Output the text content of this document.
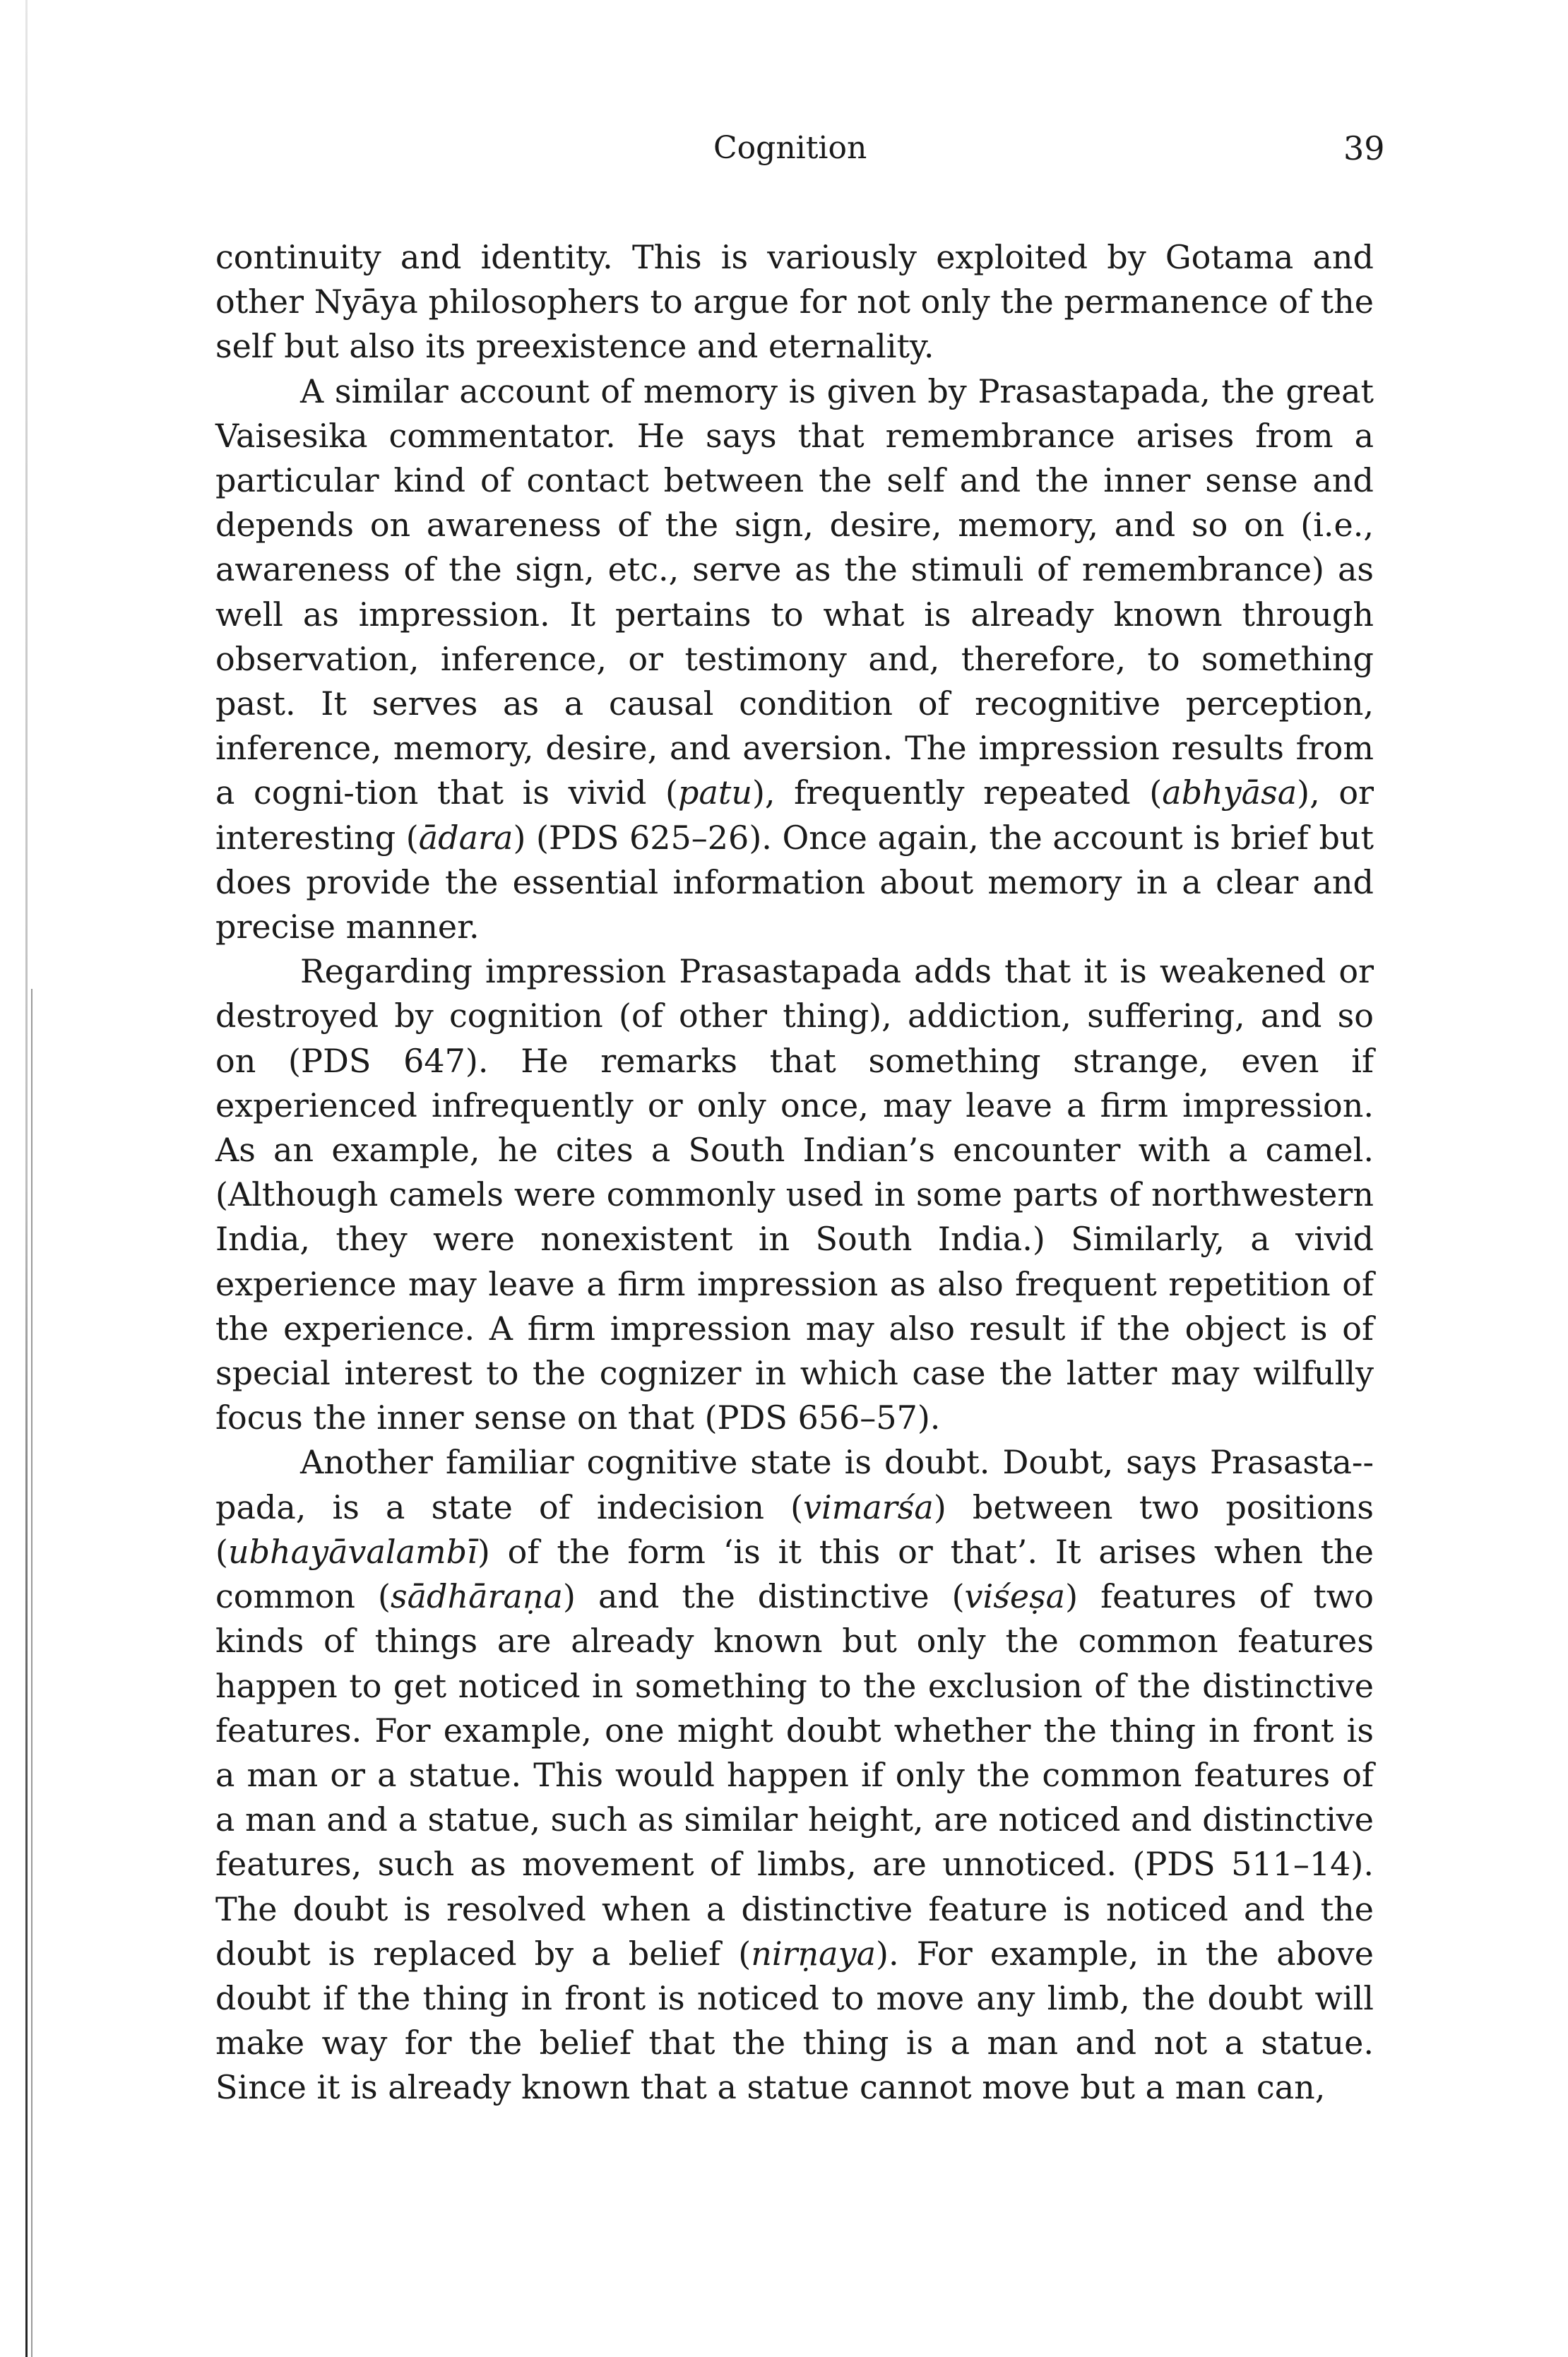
Cognition	39

continuity and identity. This is variously exploited by Gotama and other Nyāya philosophers to argue for not only the permanence of the self but also its preexistence and eternality.

A similar account of memory is given by Prasastapada, the great Vaisesika commentator. He says that remembrance arises from a particular kind of contact between the self and the inner sense and depends on awareness of the sign, desire, memory, and so on (i.e., awareness of the sign, etc., serve as the stimuli of remembrance) as well as impression. It pertains to what is already known through observation, inference, or testimony and, therefore, to something past. It serves as a causal condition of recognitive perception, inference, memory, desire, and aversion. The impression results from a cogni-tion that is vivid (patu), frequently repeated (abhyāsa), or interesting (ādara) (PDS 625–26). Once again, the account is brief but does provide the essential information about memory in a clear and precise manner.

Regarding impression Prasastapada adds that it is weakened or destroyed by cognition (of other thing), addiction, suffering, and so on (PDS 647). He remarks that something strange, even if experienced infrequently or only once, may leave a firm impression. As an example, he cites a South Indian’s encounter with a camel. (Although camels were commonly used in some parts of northwestern India, they were nonexistent in South India.) Similarly, a vivid experience may leave a firm impression as also frequent repetition of the experience. A firm impression may also result if the object is of special interest to the cognizer in which case the latter may wilfully focus the inner sense on that (PDS 656–57).

Another familiar cognitive state is doubt. Doubt, says Prasasta-pada, is a state of indecision (vimarśa) between two positions (ubhayāvalambī) of the form ‘is it this or that’. It arises when the common (sādhāraṇa) and the distinctive (viśeṣa) features of two kinds of things are already known but only the common features happen to get noticed in something to the exclusion of the distinctive features. For example, one might doubt whether the thing in front is a man or a statue. This would happen if only the common features of a man and a statue, such as similar height, are noticed and distinctive features, such as movement of limbs, are unnoticed. (PDS 511–14). The doubt is resolved when a distinctive feature is noticed and the doubt is replaced by a belief (nirṇaya). For example, in the above doubt if the thing in front is noticed to move any limb, the doubt will make way for the belief that the thing is a man and not a statue. Since it is already known that a statue cannot move but a man can,
